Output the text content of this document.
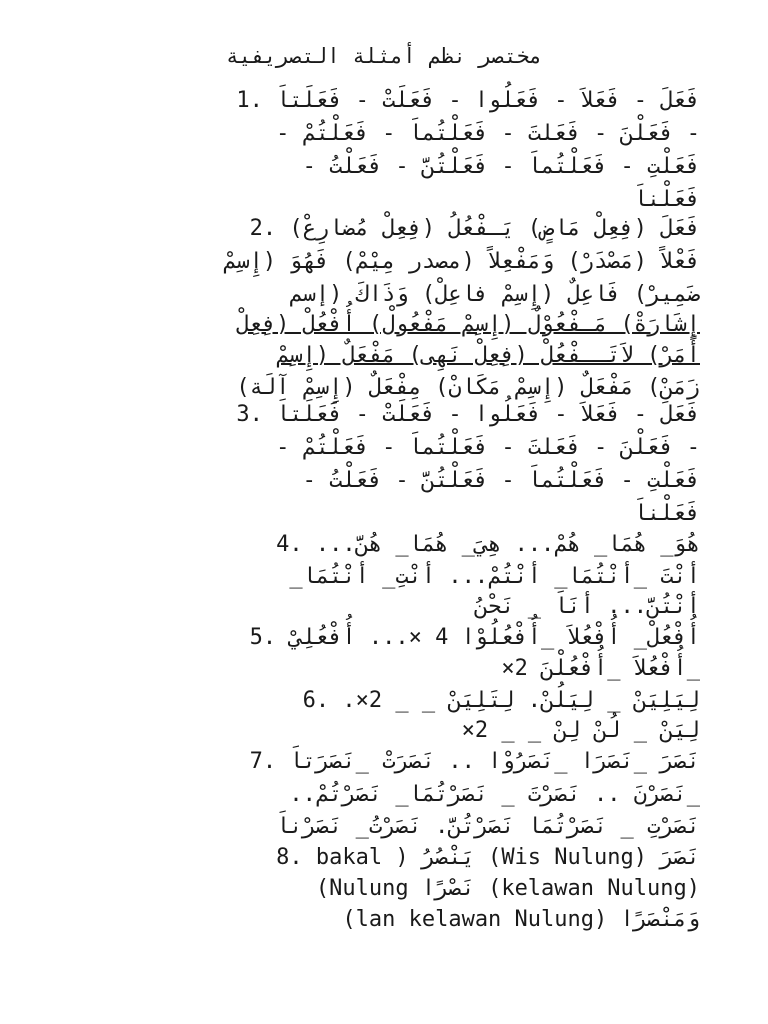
مختصر نظم أمثلة التصريفية
فَعَلَ - فَعَلاَ - فَعَلُوا - فَعَلَتْ - فَعَلَتاَ 1.
- فَعَلْنَ - فَعَلتَ - فَعَلْتُماَ - فَعَلْتُمْ -
فَعَلْتِ - فَعَلْتُماَ - فَعَلْتُنَّ - فَعَلْتُ -
فَعَلْناَ
فَعَلَ (فِعِلْ مَاضٍ) يَـفْعُلُ (فِعِلْ مُضارِعْ) 2.
فَعْلاً (مَصْدَرْ) وَمَفْعِلاً (مصدر مِيْمْ) فَهُوَ (إِسِمْ
ضَمِيرْ) فَاعِلٌ (إِسِمْ فاعِلْ) وَذَاكَ (إسم
إِشَارَةْ) مَـفْعُوْلٌ (إِسِمْ مَفْعُولْ) أُفْعُلْ (فِعِلْ
أَمَرْ) لاَتَــفْعُلْ (فِعِلْ نَهِى) مَفْعَلٌ (إِسِمْ
زَمَنْ) مَفْعَلٌ (إِسِمْ مَكَانْ) مِفْعَلٌ (إِسِمْ آلَة)
فَعَلَ - فَعَلاَ - فَعَلُوا - فَعَلَتْ - فَعَلَتاَ 3.
- فَعَلْنَ - فَعَلتَ - فَعَلْتُماَ - فَعَلْتُمْ -
فَعَلْتِ - فَعَلْتُماَ - فَعَلْتُنَّ - فَعَلْتُ -
فَعَلْناَ
هُوَ_ هُمَا_ هُمْ... هِيَ_ هُمَا_ هُنَّ... 4.
أنْتَ _أنْتُمَا_ أنْتُمْ... أنْتِ_ أنْتُمَا_
أنْتُنَّ... أنَاَ _ نَحْنُ
أُفْعُلْ_ أُفْعُلاَ _أُفْعُلُوْا 4 ×... أُفْعُلِيْ 5.
_أُفْعُلاَ _أُفْعُلْنَ 2×
لِيَلِيَنْ _ لِيَلُنْ. لِتَلِيَنْ _ _ 2×. 6.
لِيَنْ _ لُنْ لِنْ _ _ 2×
نَصَرَ _نَصَرَا _نَصَرُوْا .. نَصَرَتْ _نَصَرَتاَ 7.
_نَصَرْنَ .. نَصَرْتَ _ نَصَرْتُمَا_ نَصَرْتُمْ..
نَصَرْتِ _ نَصَرْتُمَا نَصَرْتُنَّ. نَصَرْتُ_ نَصَرْناَ
نَصَرَ (Wis Nulung) يَنْصُرُ ( bakal 8.
(Nulung نَصْرًا (kelawan Nulung)
وَمَنْصَرًا (lan kelawan Nulung)
